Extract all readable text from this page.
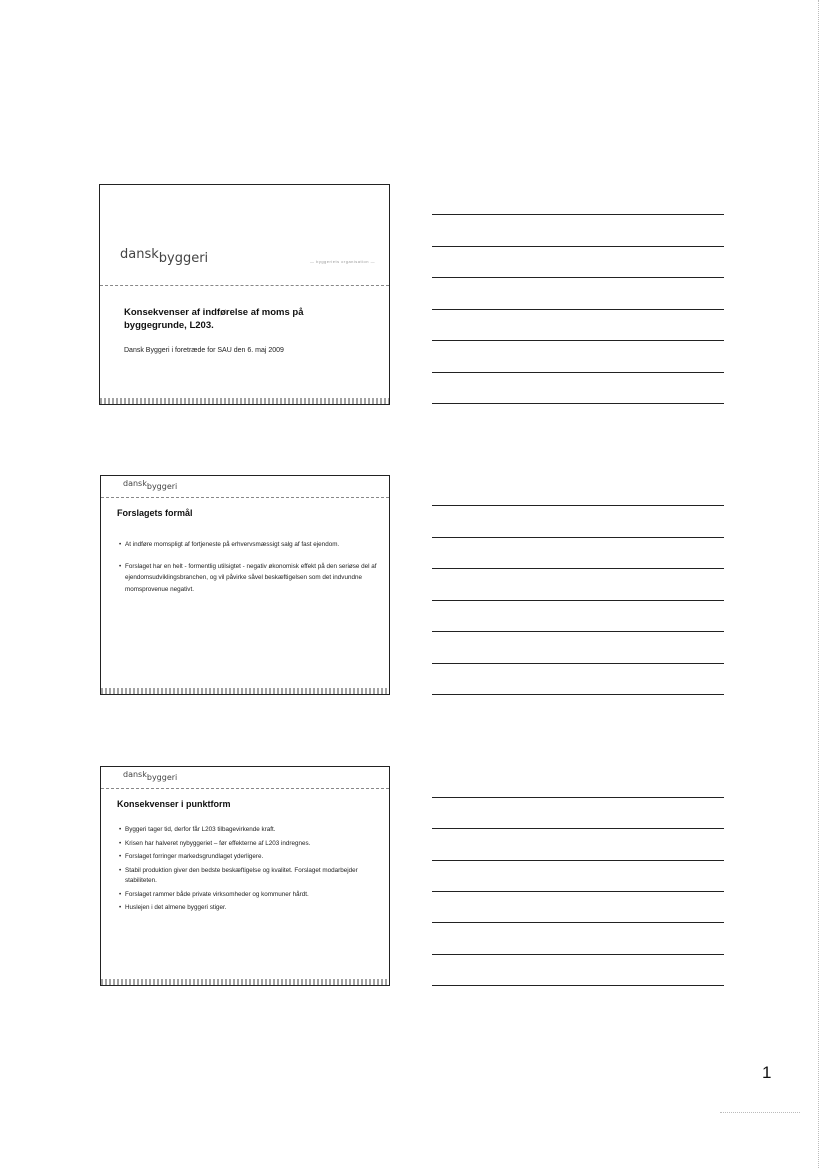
danskbyggeri	— byggeriets organisation —
Konsekvenser af indførelse af moms på
byggegrunde, L203.
Dansk Byggeri i foretræde for SAU den 6. maj 2009
danskbyggeri
Forslagets formål
• At indføre momspligt af fortjeneste på erhvervsmæssigt salg af fast ejendom.
• Forslaget har en helt - formentlig utilsigtet - negativ økonomisk effekt på den seriøse del af ejendomsudviklingsbranchen, og vil påvirke såvel beskæftigelsen som det indvundne momsprovenue negativt.
danskbyggeri
Konsekvenser i punktform
• Byggeri tager tid, derfor får L203 tilbagevirkende kraft.
• Krisen har halveret nybyggeriet – før effekterne af L203 indregnes.
• Forslaget forringer markedsgrundlaget yderligere.
• Stabil produktion giver den bedste beskæftigelse og kvalitet. Forslaget modarbejder stabiliteten.
• Forslaget rammer både private virksomheder og kommuner hårdt.
• Huslejen i det almene byggeri stiger.
1
